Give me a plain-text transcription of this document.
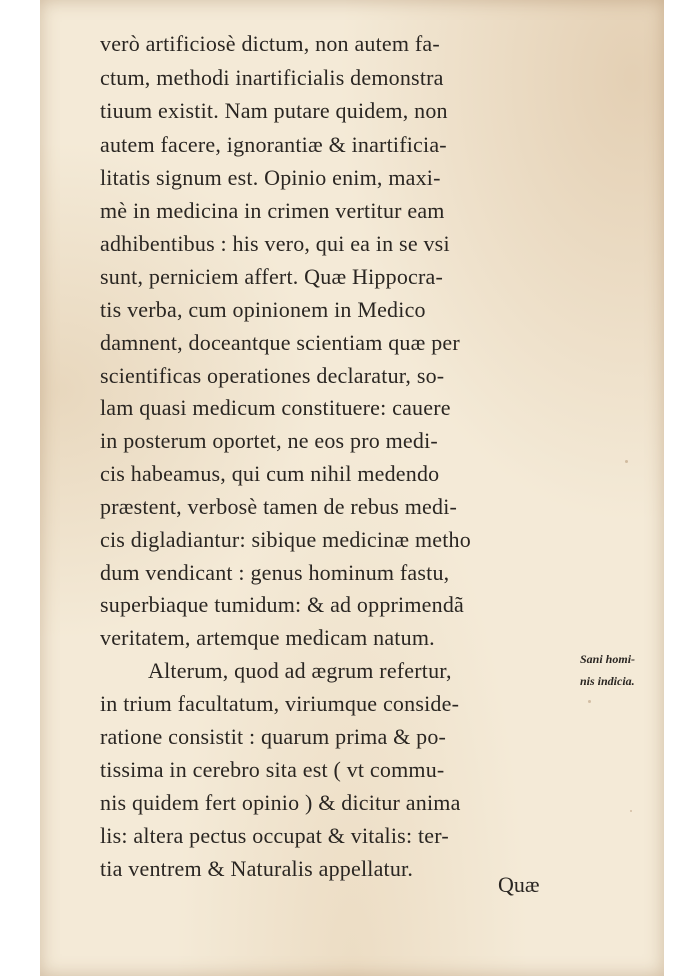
verò artificiosè dictum, non autem fa-
ctum, methodi inartificialis demonstra
tiuum existit. Nam putare quidem, non
autem facere, ignorantiæ & inartificia-
litatis signum est. Opinio enim, maxi-
mè in medicina in crimen vertitur eam
adhibentibus : his vero, qui ea in se vsi
sunt, perniciem affert. Quæ Hippocra-
tis verba, cum opinionem in Medico
damnent, doceantque scientiam quæ per
scientificas operationes declaratur, so-
lam quasi medicum constituere: cauere
in posterum oportet, ne eos pro medi-
cis habeamus, qui cum nihil medendo
præstent, verbosè tamen de rebus medi-
cis digladiantur: sibique medicinæ metho
dum vendicant : genus hominum fastu,
superbiaque tumidum: & ad opprimendã
veritatem, artemque medicam natum.
Alterum, quod ad ægrum refertur,
in trium facultatum, viriumque conside-
ratione consistit : quarum prima & po-
tissima in cerebro sita est ( vt commu-
nis quidem fert opinio ) & dicitur anima
lis: altera pectus occupat & vitalis: ter-
tia ventrem & Naturalis appellatur.
Sani homi-
nis indicia.
Quæ
